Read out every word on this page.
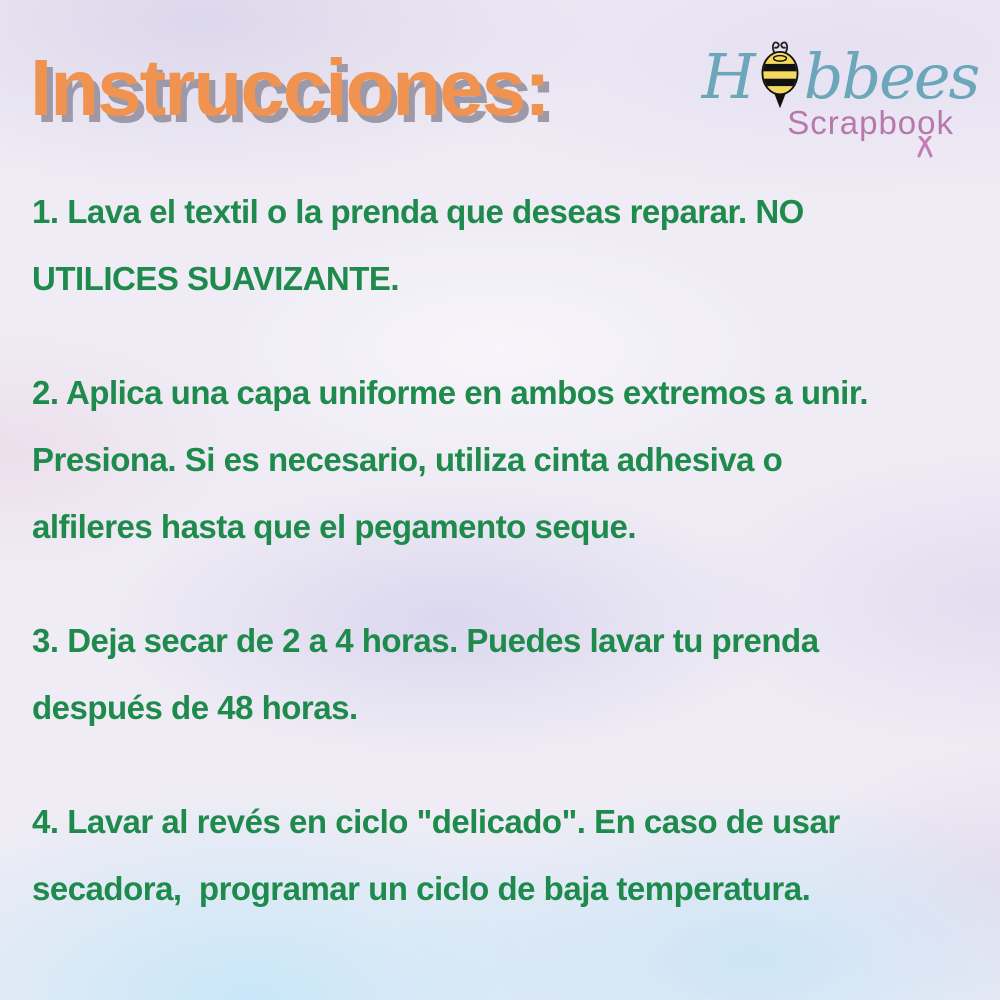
Instrucciones: H bbees
Scrapbook
1. Lava el textil o la prenda que deseas reparar. NO
UTILICES SUAVIZANTE.
2. Aplica una capa uniforme en ambos extremos a unir.
Presiona. Si es necesario, utiliza cinta adhesiva o
alfileres hasta que el pegamento seque.
3. Deja secar de 2 a 4 horas. Puedes lavar tu prenda
después de 48 horas.
4. Lavar al revés en ciclo "delicado". En caso de usar
secadora,  programar un ciclo de baja temperatura.
